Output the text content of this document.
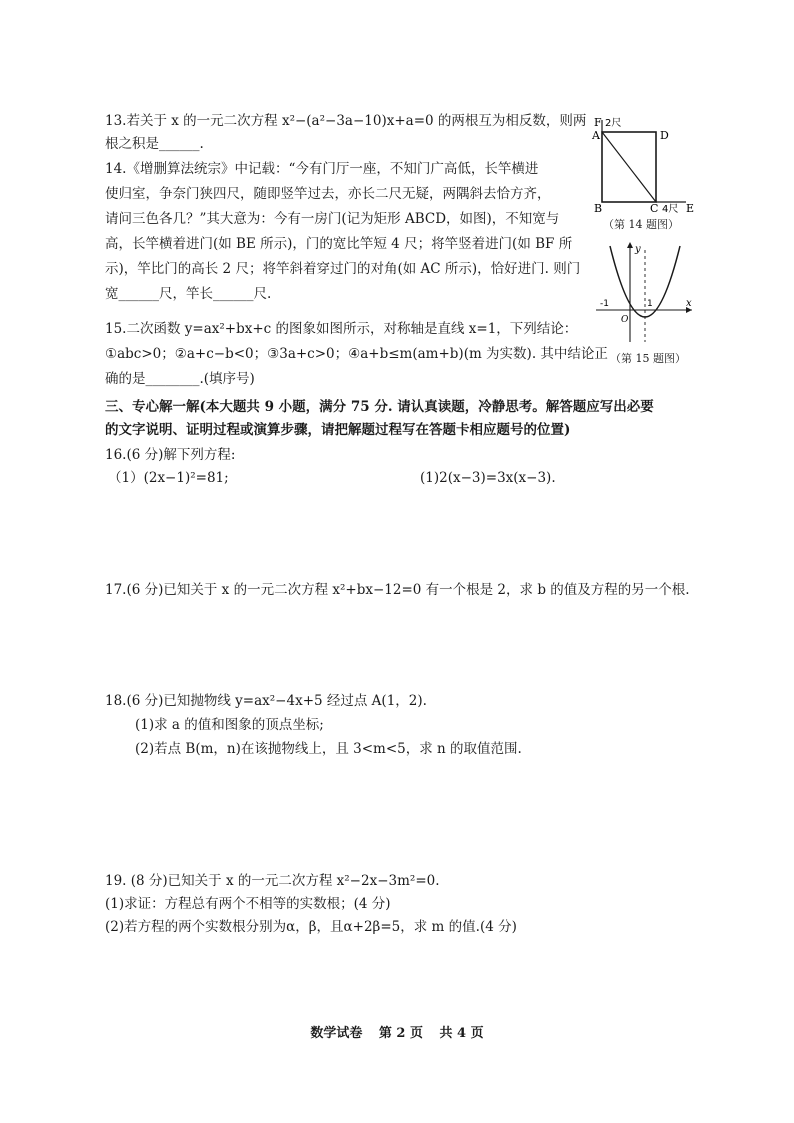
13.若关于 x 的一元二次方程 x²−(a²−3a−10)x+a=0 的两根互为相反数，则两
根之积是______.
14.《增删算法统宗》中记载：“今有门厅一座，不知门广高低，长竿横进
使归室，争奈门狭四尺，随即竖竿过去，亦长二尺无疑，两隅斜去恰方齐，
请问三色各几？”其大意为：今有一房门(记为矩形 ABCD，如图)，不知宽与
高，长竿横着进门(如 BE 所示)，门的宽比竿短 4 尺；将竿竖着进门(如 BF 所
示)，竿比门的高长 2 尺；将竿斜着穿过门的对角(如 AC 所示)，恰好进门. 则门
宽______尺，竿长______尺.
15.二次函数 y=ax²+bx+c 的图象如图所示，对称轴是直线 x=1，下列结论：
①abc>0；②a+c−b<0；③3a+c>0；④a+b≤m(am+b)(m 为实数). 其中结论正
确的是________.(填序号)
三、专心解一解(本大题共 9 小题，满分 75 分. 请认真读题，冷静思考。解答题应写出必要
的文字说明、证明过程或演算步骤，请把解题过程写在答题卡相应题号的位置)
16.(6 分)解下列方程:
（1）(2x−1)²=81;	(1)2(x−3)=3x(x−3).
17.(6 分)已知关于 x 的一元二次方程 x²+bx−12=0 有一个根是 2，求 b 的值及方程的另一个根.
18.(6 分)已知抛物线 y=ax²−4x+5 经过点 A(1，2).
(1)求 a 的值和图象的顶点坐标;
(2)若点 B(m，n)在该抛物线上，且 3<m<5，求 n 的取值范围.
19. (8 分)已知关于 x 的一元二次方程 x²−2x−3m²=0.
(1)求证：方程总有两个不相等的实数根；(4 分)
(2)若方程的两个实数根分别为α，β，且α+2β=5，求 m 的值.(4 分)
F
A
2尺
D
B	C 4尺 E
（第 14 题图）
y
x
-1
O
1
（第 15 题图）
数学试卷 第 2 页 共 4 页
